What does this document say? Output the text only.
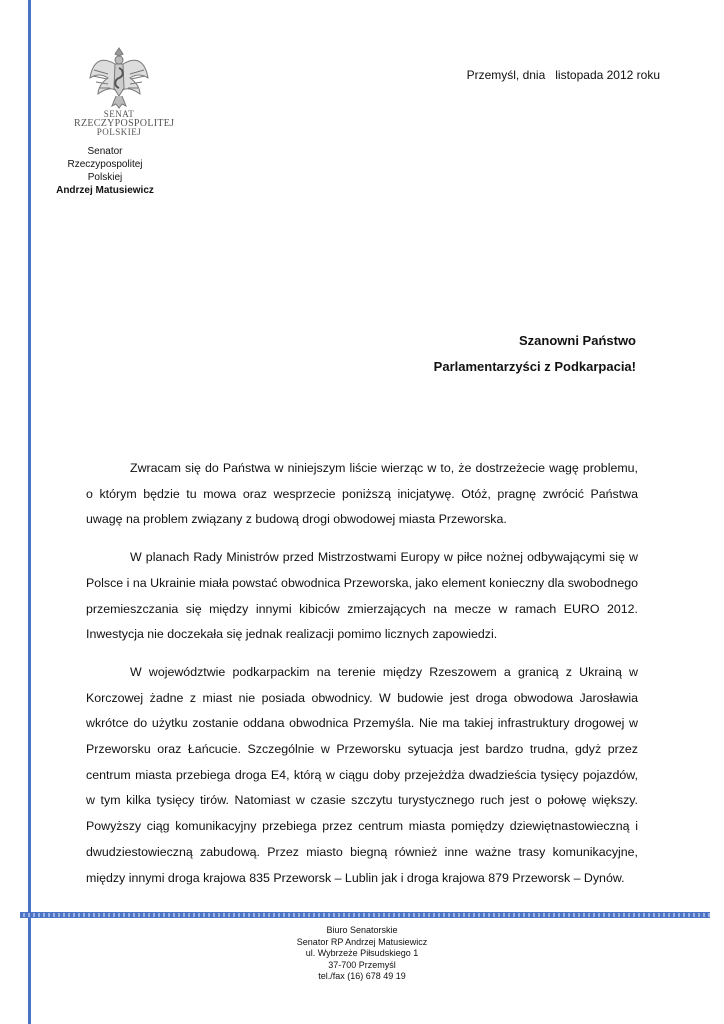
SENAT
RZECZYPOSPOLITEJ
POLSKIEJ
Senator
Rzeczypospolitej Polskiej
Andrzej Matusiewicz
Przemyśl, dnia   listopada 2012 roku
Szanowni Państwo
Parlamentarzyści z Podkarpacia!

Zwracam się do Państwa w niniejszym liście wierząc w to, że dostrzeżecie wagę problemu, o którym będzie tu mowa oraz wesprzecie poniższą inicjatywę. Otóż, pragnę zwrócić Państwa uwagę na problem związany z budową drogi obwodowej miasta Przeworska.

W planach Rady Ministrów przed Mistrzostwami Europy w piłce nożnej odbywającymi się w Polsce i na Ukrainie miała powstać obwodnica Przeworska, jako element konieczny dla swobodnego przemieszczania się między innymi kibiców zmierzających na mecze w ramach EURO 2012. Inwestycja nie doczekała się jednak realizacji pomimo licznych zapowiedzi.

W województwie podkarpackim na terenie między Rzeszowem a granicą z Ukrainą w Korczowej żadne z miast nie posiada obwodnicy. W budowie jest droga obwodowa Jarosławia wkrótce do użytku zostanie oddana obwodnica Przemyśla. Nie ma takiej infrastruktury drogowej w Przeworsku oraz Łańcucie. Szczególnie w Przeworsku sytuacja jest bardzo trudna, gdyż przez centrum miasta przebiega droga E4, którą w ciągu doby przejeżdża dwadzieścia tysięcy pojazdów, w tym kilka tysięcy tirów. Natomiast w czasie szczytu turystycznego ruch jest o połowę większy. Powyższy ciąg komunikacyjny przebiega przez centrum miasta pomiędzy dziewiętnastowieczną i dwudziestowieczną zabudową. Przez miasto biegną również inne ważne trasy komunikacyjne, między innymi droga krajowa 835 Przeworsk – Lublin jak i droga krajowa 879 Przeworsk – Dynów.

Biuro Senatorskie
Senator RP Andrzej Matusiewicz
ul. Wybrzeże Piłsudskiego 1
37-700 Przemyśl
tel./fax (16) 678 49 19
